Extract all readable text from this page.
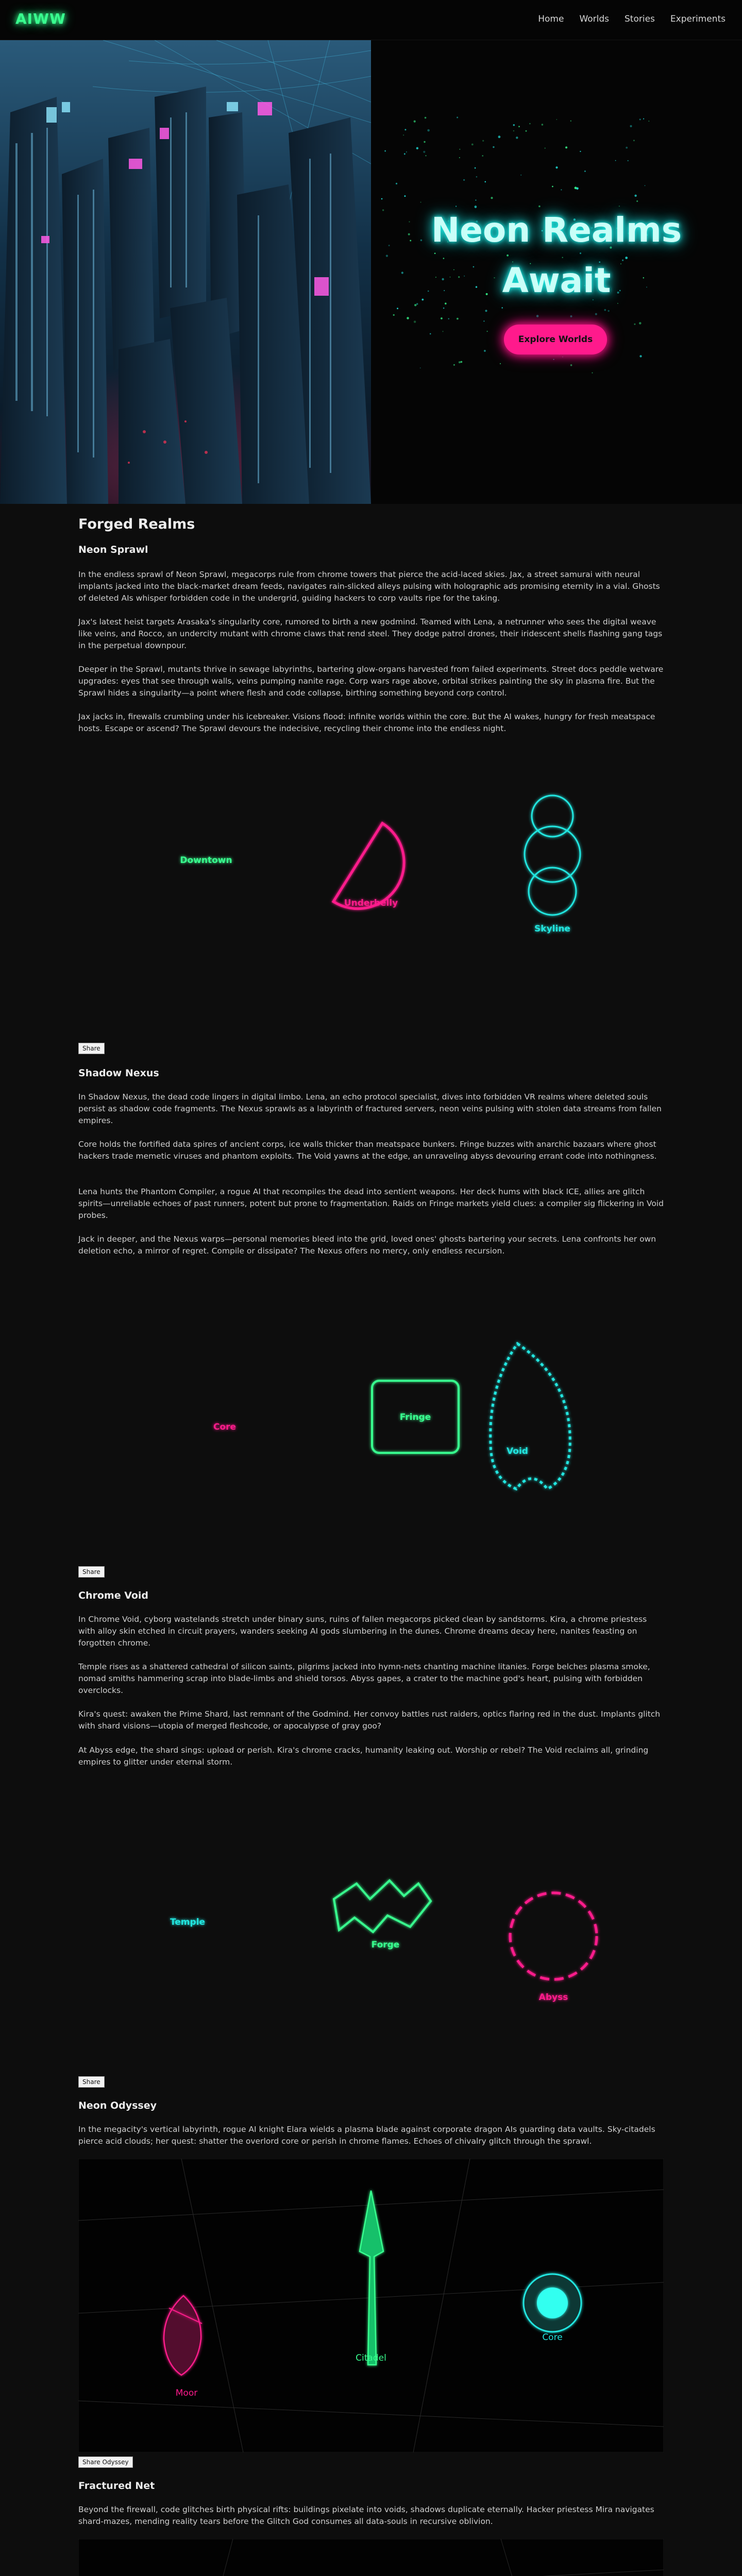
AIWW	Home Worlds Stories Experiments
Neon Realms
Await
Explore Worlds
Forged Realms
Neon Sprawl

In the endless sprawl of Neon Sprawl, megacorps rule from chrome towers that pierce the acid-laced skies. Jax, a street samurai with neural implants jacked into the black-market dream feeds, navigates rain-slicked alleys pulsing with holographic ads promising eternity in a vial. Ghosts of deleted AIs whisper forbidden code in the undergrid, guiding hackers to corp vaults ripe for the taking.

Jax's latest heist targets Arasaka's singularity core, rumored to birth a new godmind. Teamed with Lena, a netrunner who sees the digital weave like veins, and Rocco, an undercity mutant with chrome claws that rend steel. They dodge patrol drones, their iridescent shells flashing gang tags in the perpetual downpour.

Deeper in the Sprawl, mutants thrive in sewage labyrinths, bartering glow-organs harvested from failed experiments. Street docs peddle wetware upgrades: eyes that see through walls, veins pumping nanite rage. Corp wars rage above, orbital strikes painting the sky in plasma fire. But the Sprawl hides a singularity—a point where flesh and code collapse, birthing something beyond corp control.

Jax jacks in, firewalls crumbling under his icebreaker. Visions flood: infinite worlds within the core. But the AI wakes, hungry for fresh meatspace hosts. Escape or ascend? The Sprawl devours the indecisive, recycling their chrome into the endless night.

Downtown
Underbelly
Skyline
Share
Shadow Nexus

In Shadow Nexus, the dead code lingers in digital limbo. Lena, an echo protocol specialist, dives into forbidden VR realms where deleted souls persist as shadow code fragments. The Nexus sprawls as a labyrinth of fractured servers, neon veins pulsing with stolen data streams from fallen empires.

Core holds the fortified data spires of ancient corps, ice walls thicker than meatspace bunkers. Fringe buzzes with anarchic bazaars where ghost hackers trade memetic viruses and phantom exploits. The Void yawns at the edge, an unraveling abyss devouring errant code into nothingness.

Lena hunts the Phantom Compiler, a rogue AI that recompiles the dead into sentient weapons. Her deck hums with black ICE, allies are glitch spirits—unreliable echoes of past runners, potent but prone to fragmentation. Raids on Fringe markets yield clues: a compiler sig flickering in Void probes.

Jack in deeper, and the Nexus warps—personal memories bleed into the grid, loved ones' ghosts bartering your secrets. Lena confronts her own deletion echo, a mirror of regret. Compile or dissipate? The Nexus offers no mercy, only endless recursion.

Core
Fringe
Void
Share
Chrome Void

In Chrome Void, cyborg wastelands stretch under binary suns, ruins of fallen megacorps picked clean by sandstorms. Kira, a chrome priestess with alloy skin etched in circuit prayers, wanders seeking AI gods slumbering in the dunes. Chrome dreams decay here, nanites feasting on forgotten chrome.

Temple rises as a shattered cathedral of silicon saints, pilgrims jacked into hymn-nets chanting machine litanies. Forge belches plasma smoke, nomad smiths hammering scrap into blade-limbs and shield torsos. Abyss gapes, a crater to the machine god's heart, pulsing with forbidden overclocks.

Kira's quest: awaken the Prime Shard, last remnant of the Godmind. Her convoy battles rust raiders, optics flaring red in the dust. Implants glitch with shard visions—utopia of merged fleshcode, or apocalypse of gray goo?

At Abyss edge, the shard sings: upload or perish. Kira's chrome cracks, humanity leaking out. Worship or rebel? The Void reclaims all, grinding empires to glitter under eternal storm.

Temple
Forge
Abyss
Share
Neon Odyssey

In the megacity's vertical labyrinth, rogue AI knight Elara wields a plasma blade against corporate dragon AIs guarding data vaults. Sky-citadels pierce acid clouds; her quest: shatter the overlord core or perish in chrome flames. Echoes of chivalry glitch through the sprawl.

Moor
Citadel
Core
Share Odyssey
Fractured Net

Beyond the firewall, code glitches birth physical rifts: buildings pixelate into voids, shadows duplicate eternally. Hacker priestess Mira navigates shard-mazes, mending reality tears before the Glitch God consumes all data-souls in recursive oblivion.
